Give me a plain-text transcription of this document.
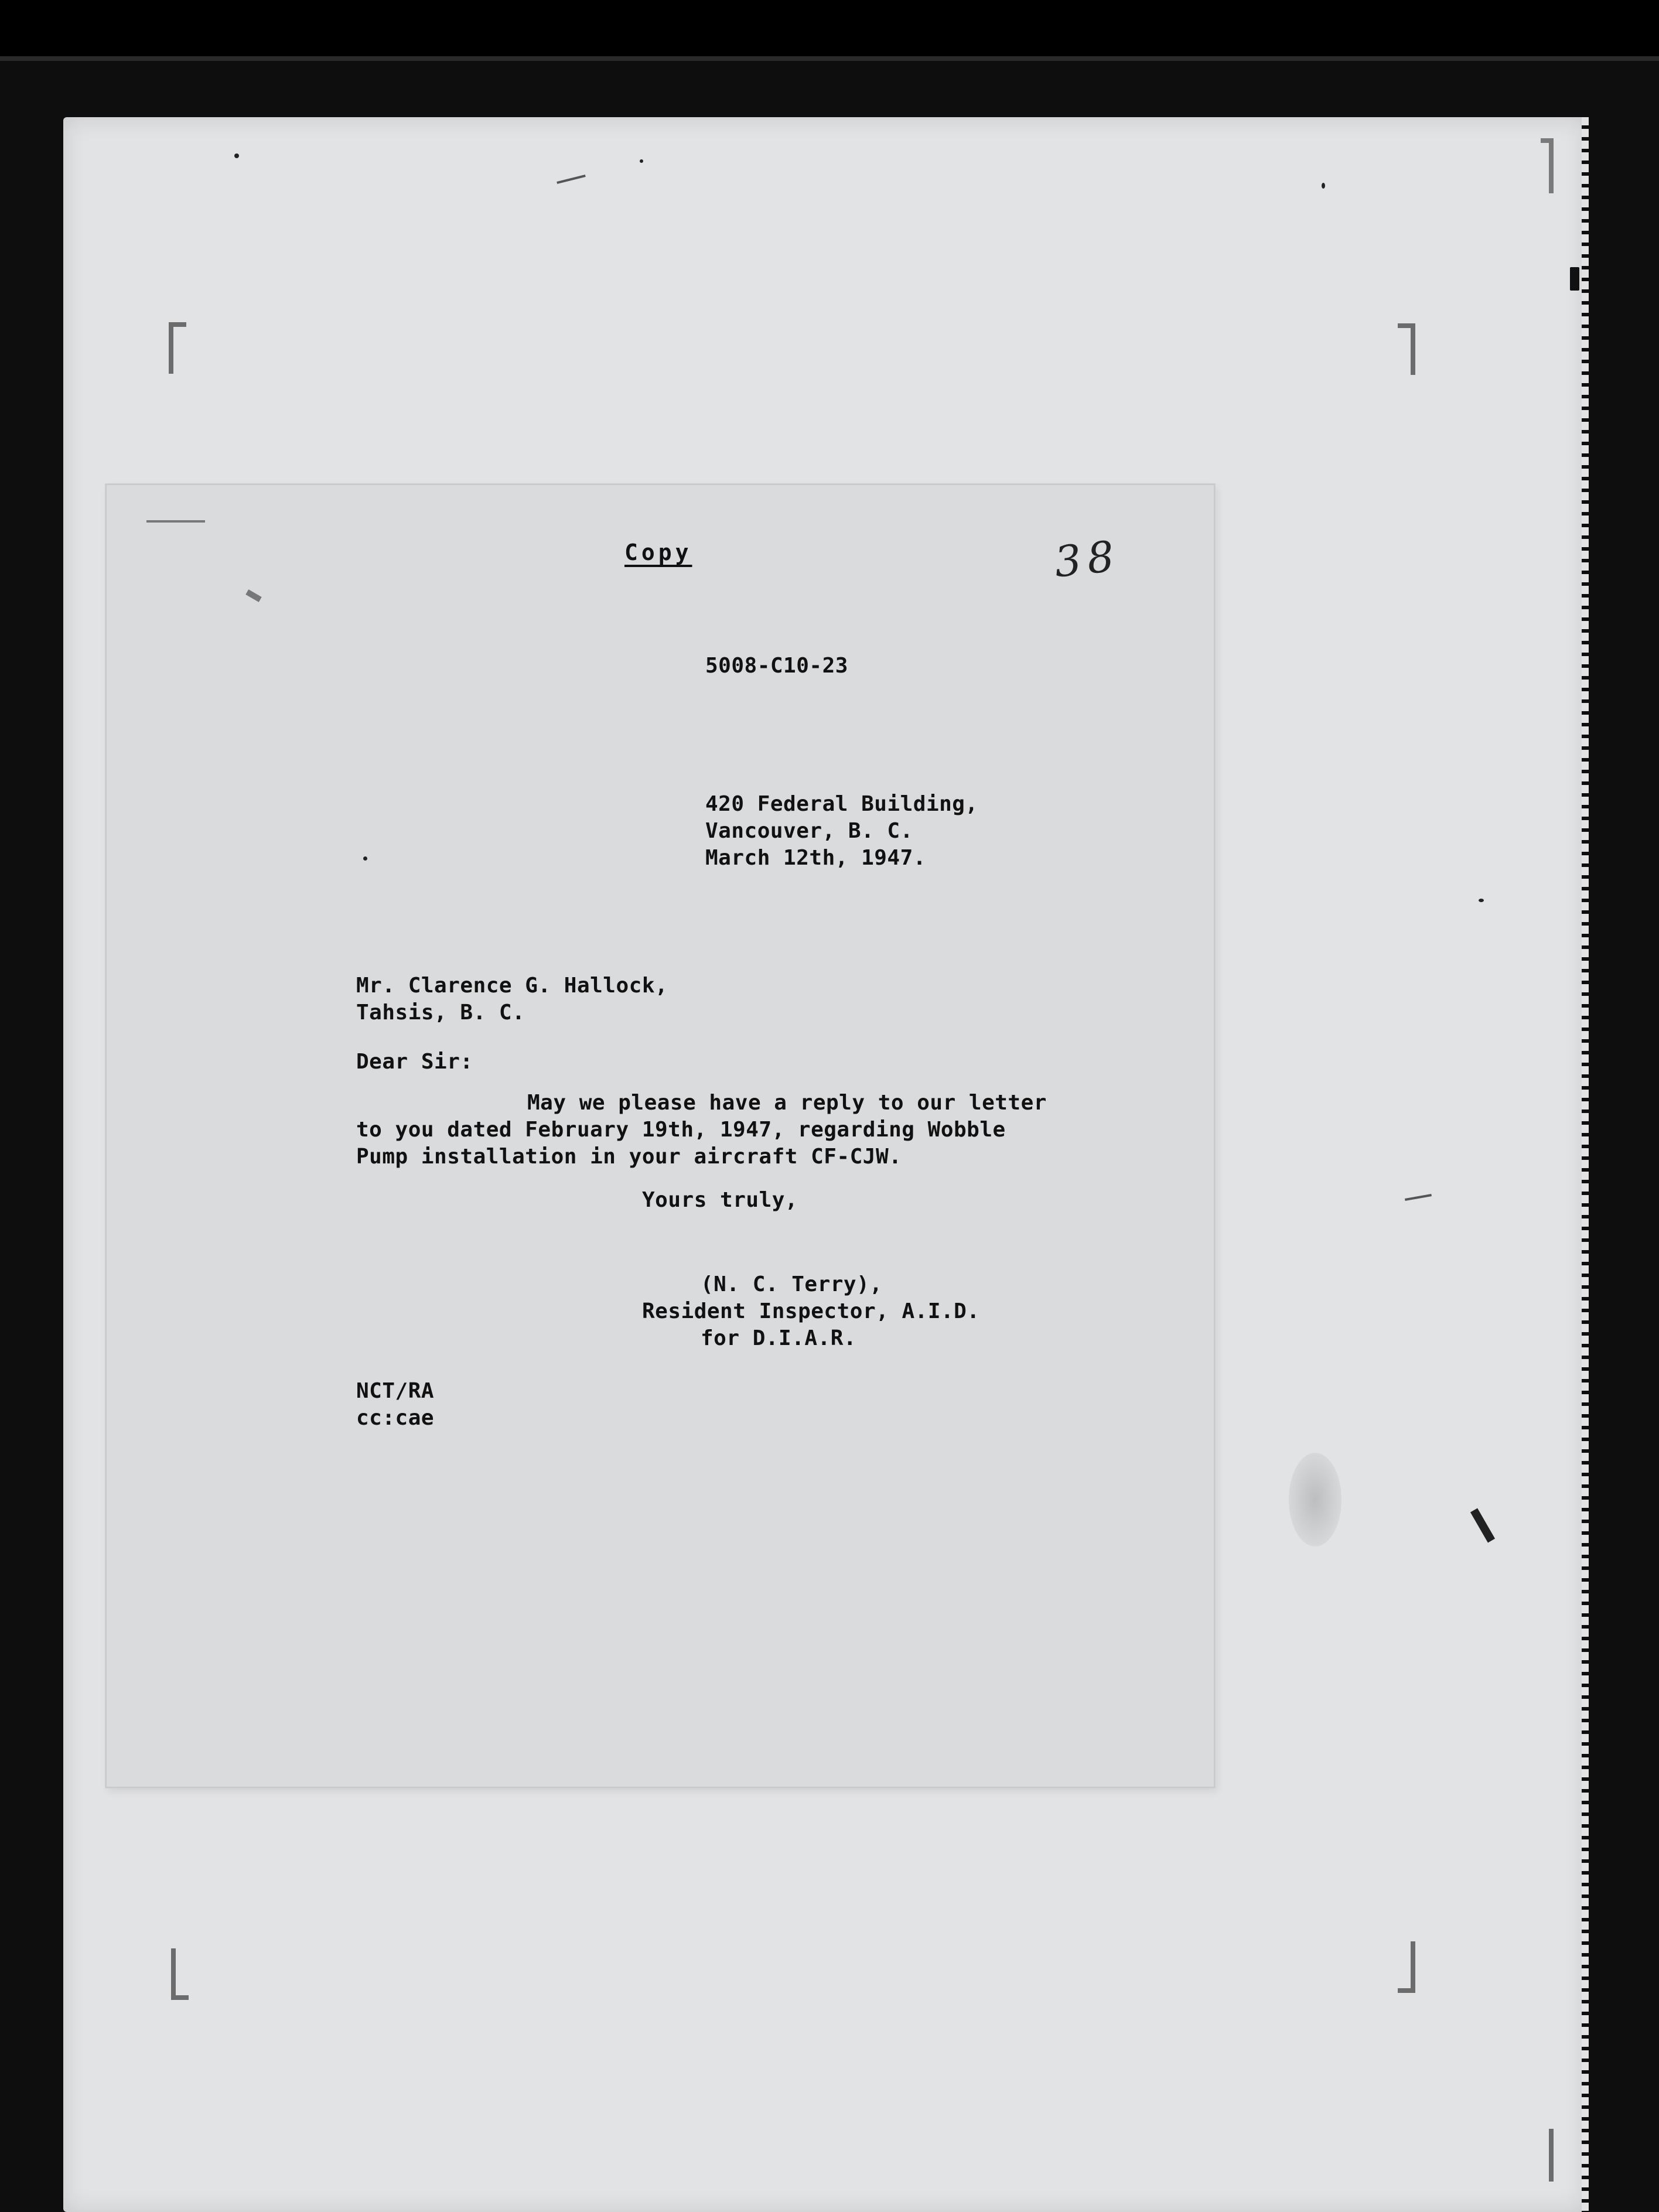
Copy	38
5008-C10-23
420 Federal Building,
Vancouver, B. C.
March 12th, 1947.
Mr. Clarence G. Hallock,
Tahsis, B. C.
Dear Sir:
May we please have a reply to our letter
to you dated February 19th, 1947, regarding Wobble
Pump installation in your aircraft CF-CJW.
Yours truly,
(N. C. Terry),
Resident Inspector, A.I.D.
for D.I.A.R.
NCT/RA
cc:cae
